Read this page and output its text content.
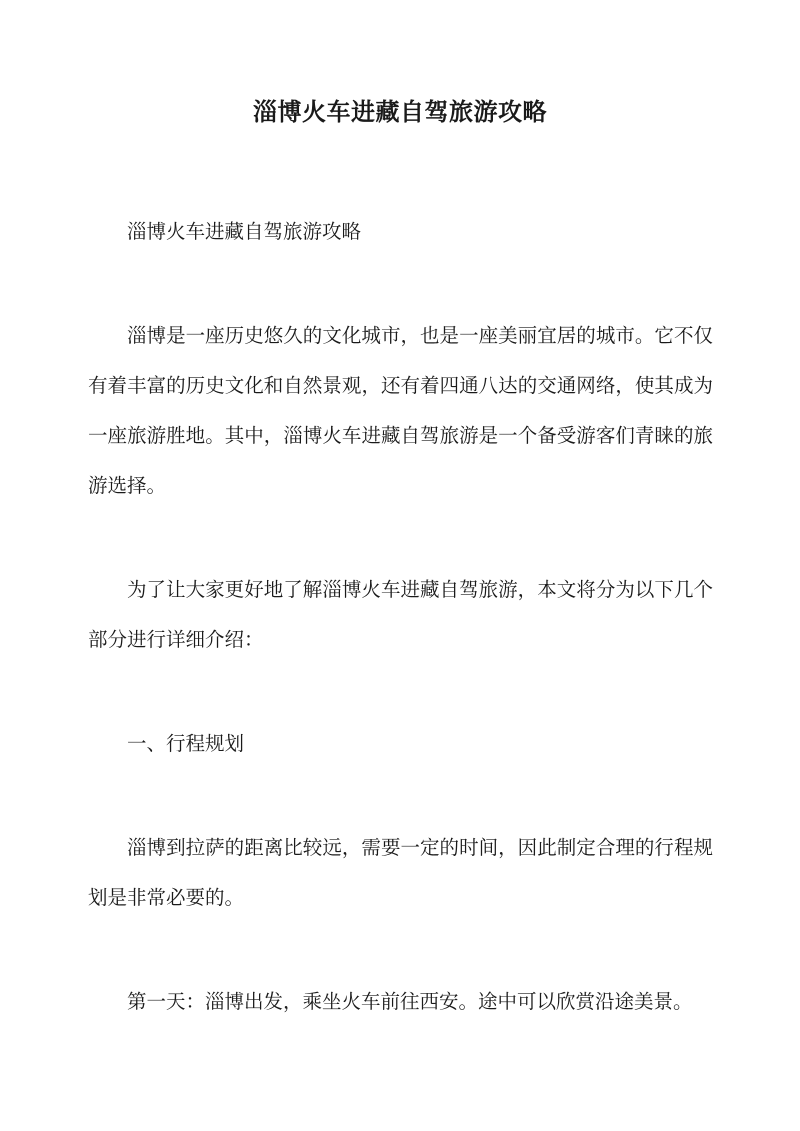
淄博火车进藏自驾旅游攻略

淄博火车进藏自驾旅游攻略

淄博是一座历史悠久的文化城市，也是一座美丽宜居的城市。它不仅有着丰富的历史文化和自然景观，还有着四通八达的交通网络，使其成为一座旅游胜地。其中，淄博火车进藏自驾旅游是一个备受游客们青睐的旅游选择。

为了让大家更好地了解淄博火车进藏自驾旅游，本文将分为以下几个部分进行详细介绍：

一、行程规划

淄博到拉萨的距离比较远，需要一定的时间，因此制定合理的行程规划是非常必要的。

第一天：淄博出发，乘坐火车前往西安。途中可以欣赏沿途美景。
